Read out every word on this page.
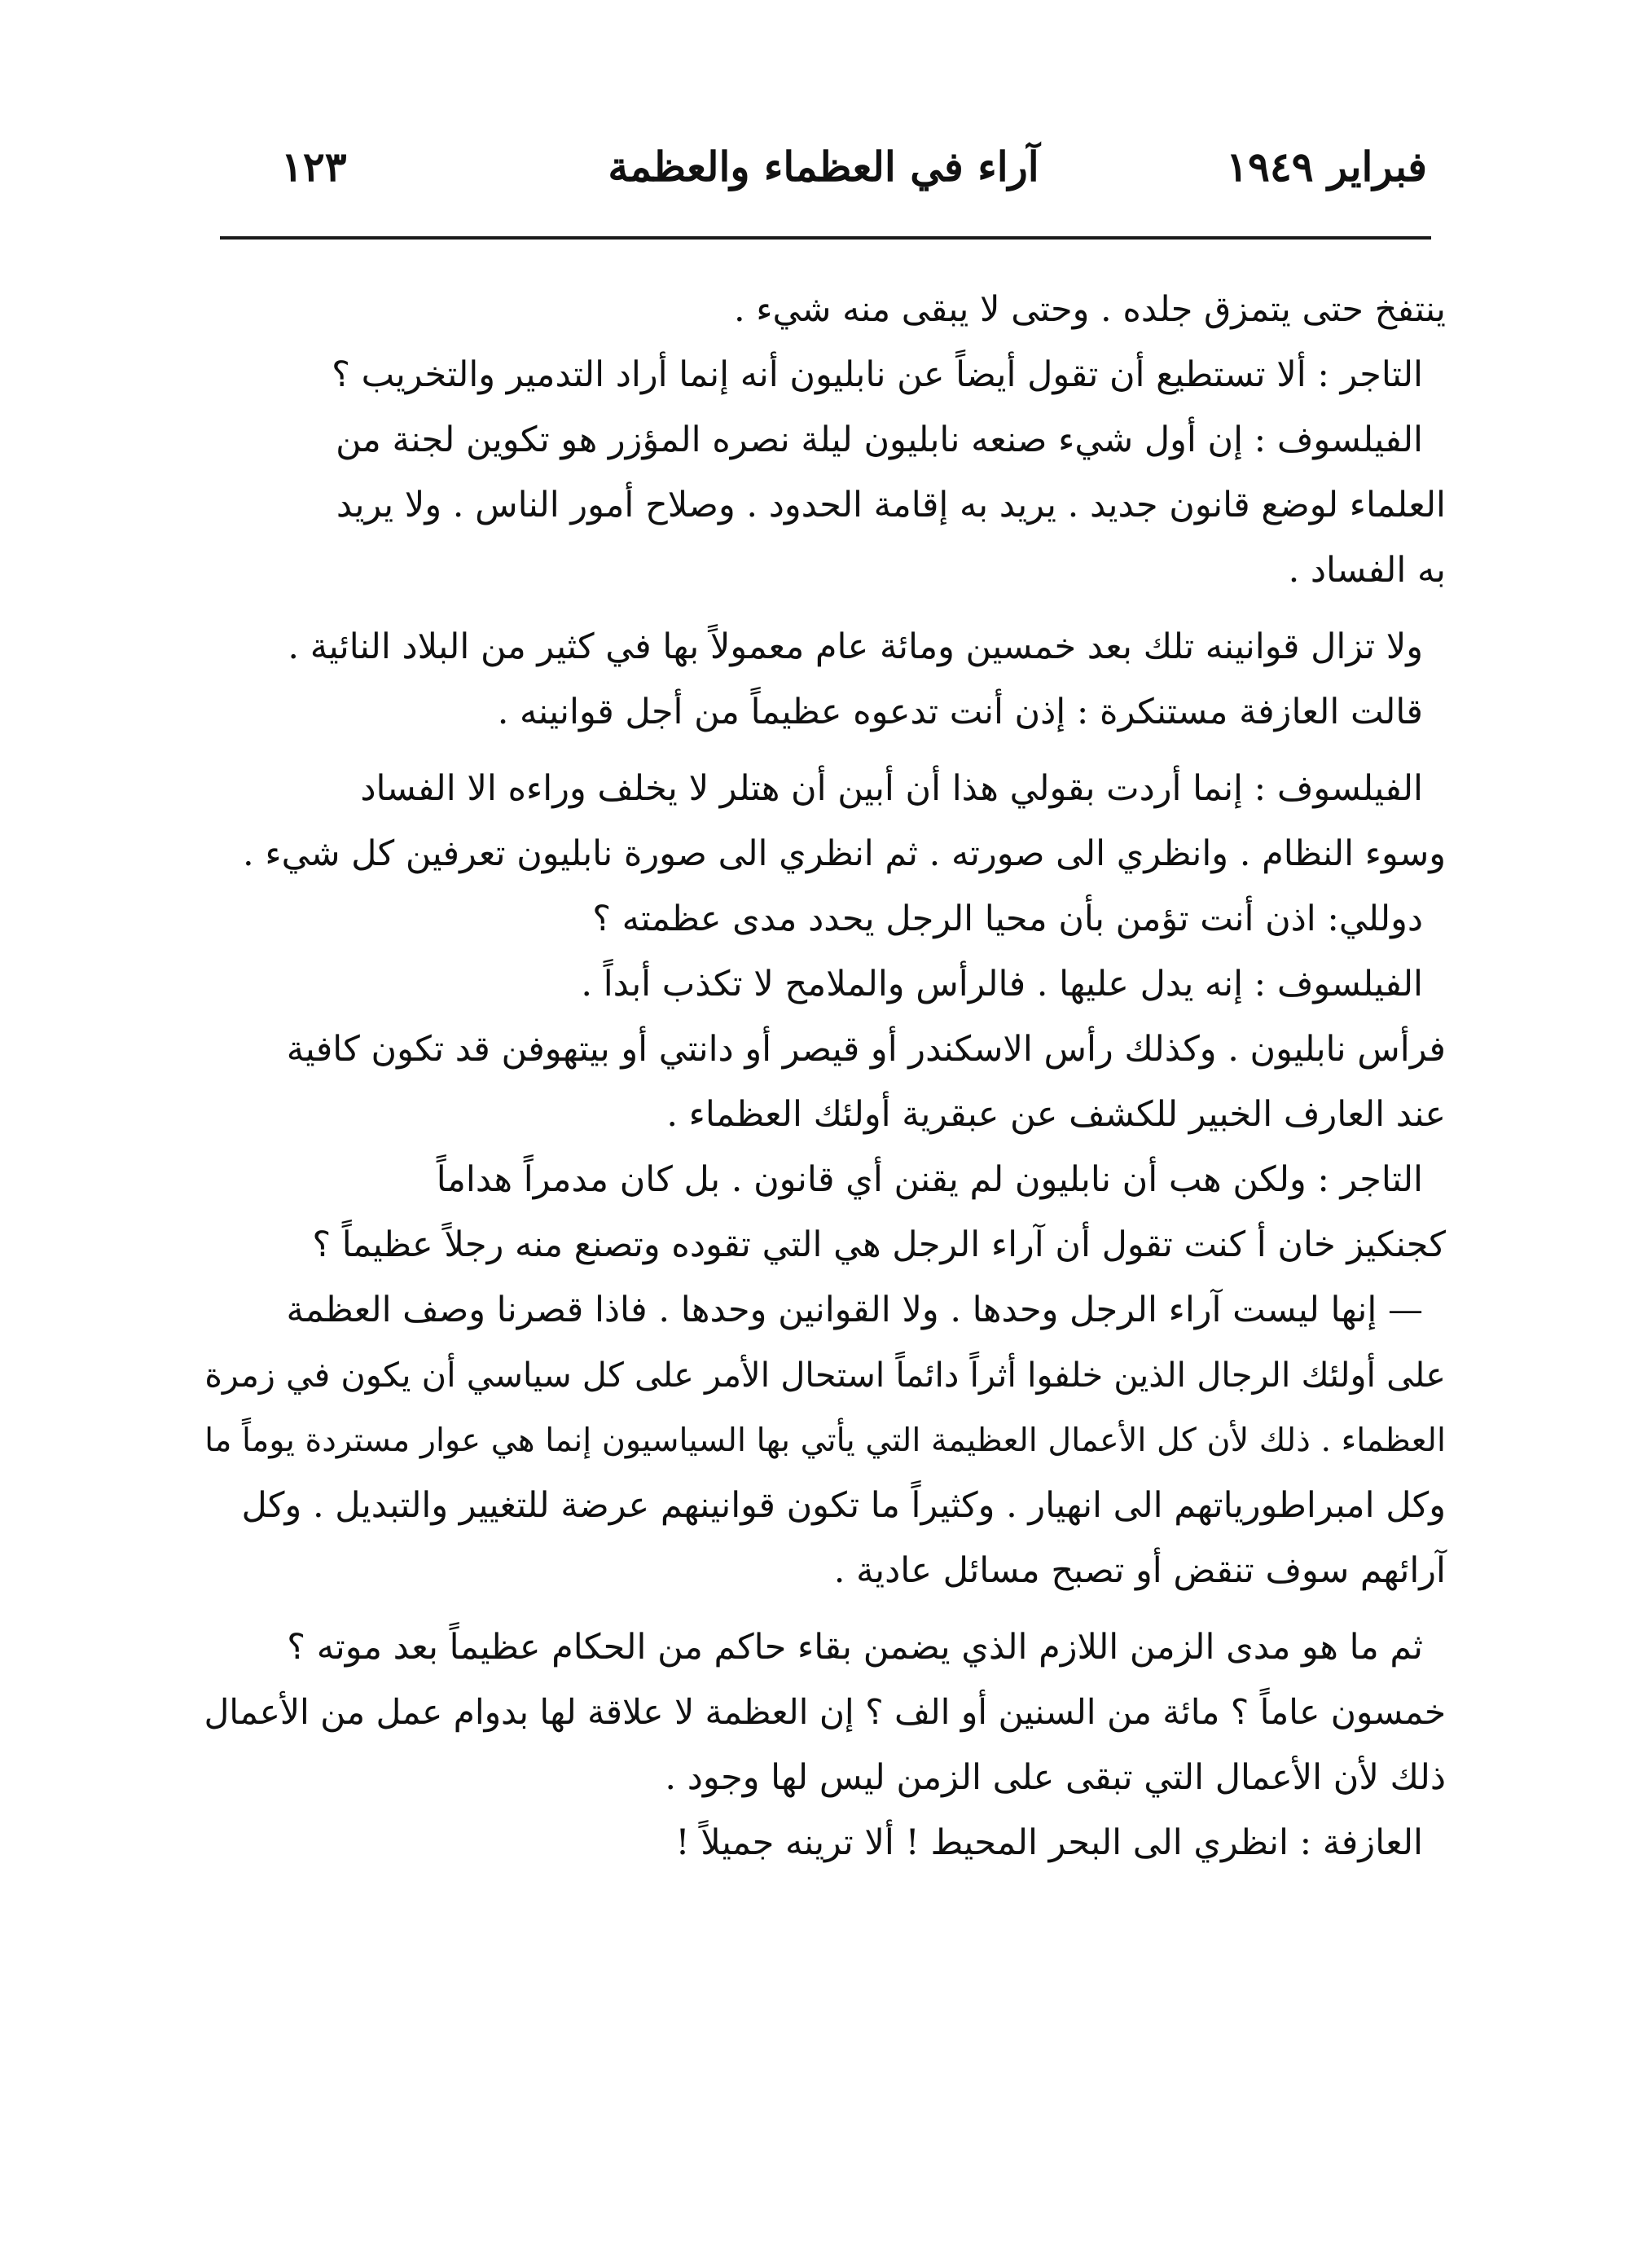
فبراير ١٩٤٩
آراء في العظماء والعظمة
١٢٣

ينتفخ حتى يتمزق جلده . وحتى لا يبقى منه شيء .

التاجر : ألا تستطيع أن تقول أيضاً عن نابليون أنه إنما أراد التدمير والتخريب ؟

الفيلسوف : إن أول شيء صنعه نابليون ليلة نصره المؤزر هو تكوين لجنة من

العلماء لوضع قانون جديد . يريد به إقامة الحدود . وصلاح أمور الناس . ولا يريد

به الفساد .

ولا تزال قوانينه تلك بعد خمسين ومائة عام معمولاً بها في كثير من البلاد النائية .

قالت العازفة مستنكرة : إذن أنت تدعوه عظيماً من أجل قوانينه .

الفيلسوف : إنما أردت بقولي هذا أن أبين أن هتلر لا يخلف وراءه الا الفساد

وسوء النظام . وانظري الى صورته . ثم انظري الى صورة نابليون تعرفين كل شيء .

دوللي: اذن أنت تؤمن بأن محيا الرجل يحدد مدى عظمته ؟

الفيلسوف : إنه يدل عليها . فالرأس والملامح لا تكذب أبداً .

فرأس نابليون . وكذلك رأس الاسكندر أو قيصر أو دانتي أو بيتهوفن قد تكون كافية

عند العارف الخبير للكشف عن عبقرية أولئك العظماء .

التاجر : ولكن هب أن نابليون لم يقنن أي قانون . بل كان مدمراً هداماً

كجنكيز خان أ كنت تقول أن آراء الرجل هي التي تقوده وتصنع منه رجلاً عظيماً ؟

— إنها ليست آراء الرجل وحدها . ولا القوانين وحدها . فاذا قصرنا وصف العظمة

على أولئك الرجال الذين خلفوا أثراً دائماً استحال الأمر على كل سياسي أن يكون في زمرة

العظماء . ذلك لأن كل الأعمال العظيمة التي يأتي بها السياسيون إنما هي عوار مستردة يوماً ما

وكل امبراطورياتهم الى انهيار . وكثيراً ما تكون قوانينهم عرضة للتغيير والتبديل . وكل

آرائهم سوف تنقض أو تصبح مسائل عادية .

ثم ما هو مدى الزمن اللازم الذي يضمن بقاء حاكم من الحكام عظيماً بعد موته ؟

خمسون عاماً ؟ مائة من السنين أو الف ؟ إن العظمة لا علاقة لها بدوام عمل من الأعمال

ذلك لأن الأعمال التي تبقى على الزمن ليس لها وجود .

العازفة : انظري الى البحر المحيط ! ألا ترينه جميلاً !
